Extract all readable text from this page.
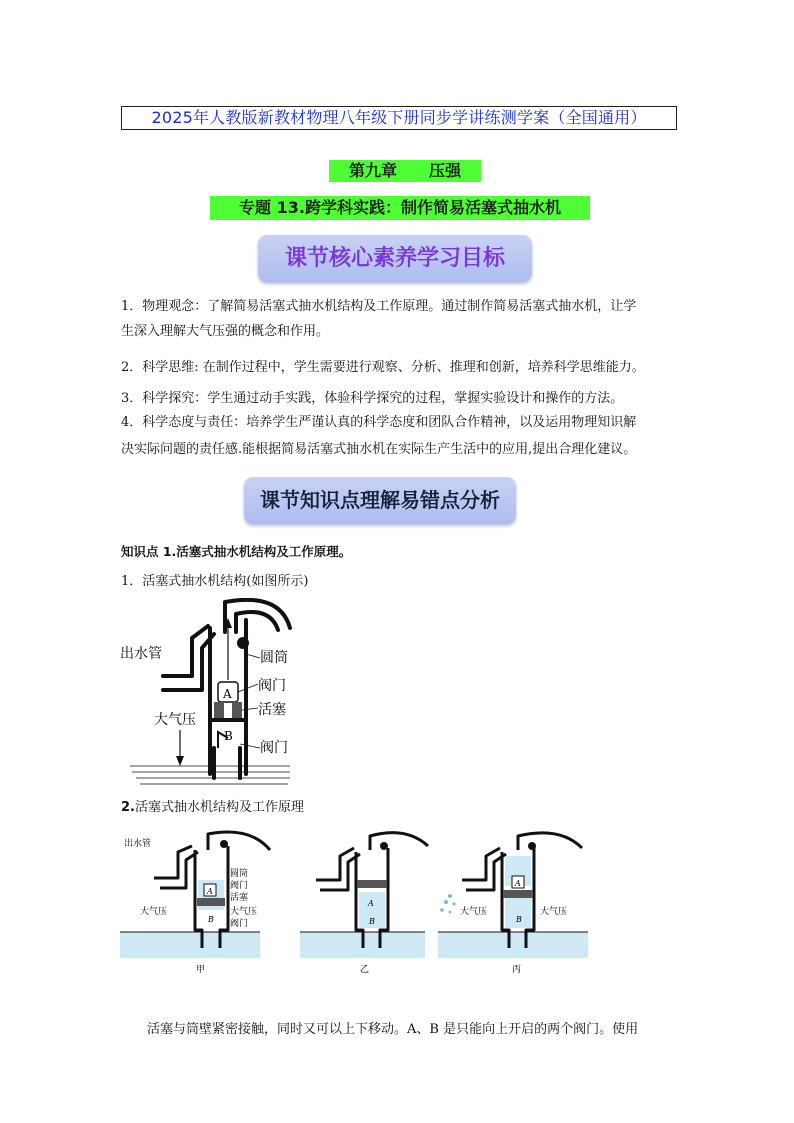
2025年人教版新教材物理八年级下册同步学讲练测学案（全国通用）
第九章　　压强
专题 13.跨学科实践：制作简易活塞式抽水机
课节核心素养学习目标
1．物理观念：了解简易活塞式抽水机结构及工作原理。通过制作简易活塞式抽水机，让学
生深入理解大气压强的概念和作用。
2．科学思维: 在制作过程中，学生需要进行观察、分析、推理和创新，培养科学思维能力。
3．科学探究：学生通过动手实践，体验科学探究的过程，掌握实验设计和操作的方法。
4．科学态度与责任：培养学生严谨认真的科学态度和团队合作精神，以及运用物理知识解
决实际问题的责任感.能根据简易活塞式抽水机在实际生产生活中的应用,提出合理化建议。
课节知识点理解易错点分析
知识点 1.活塞式抽水机结构及工作原理。
1．活塞式抽水机结构(如图所示)
A
B
出水管	圆筒
阀门
活塞
大气压
阀门
2.活塞式抽水机结构及工作原理
A
B
出水管
圆筒
阀门
活塞
大气压	大气压
阀门
甲
A
B
乙
A
B
大气压	大气压
丙
活塞与筒壁紧密接触，同时又可以上下移动。A、B 是只能向上开启的两个阀门。使用
